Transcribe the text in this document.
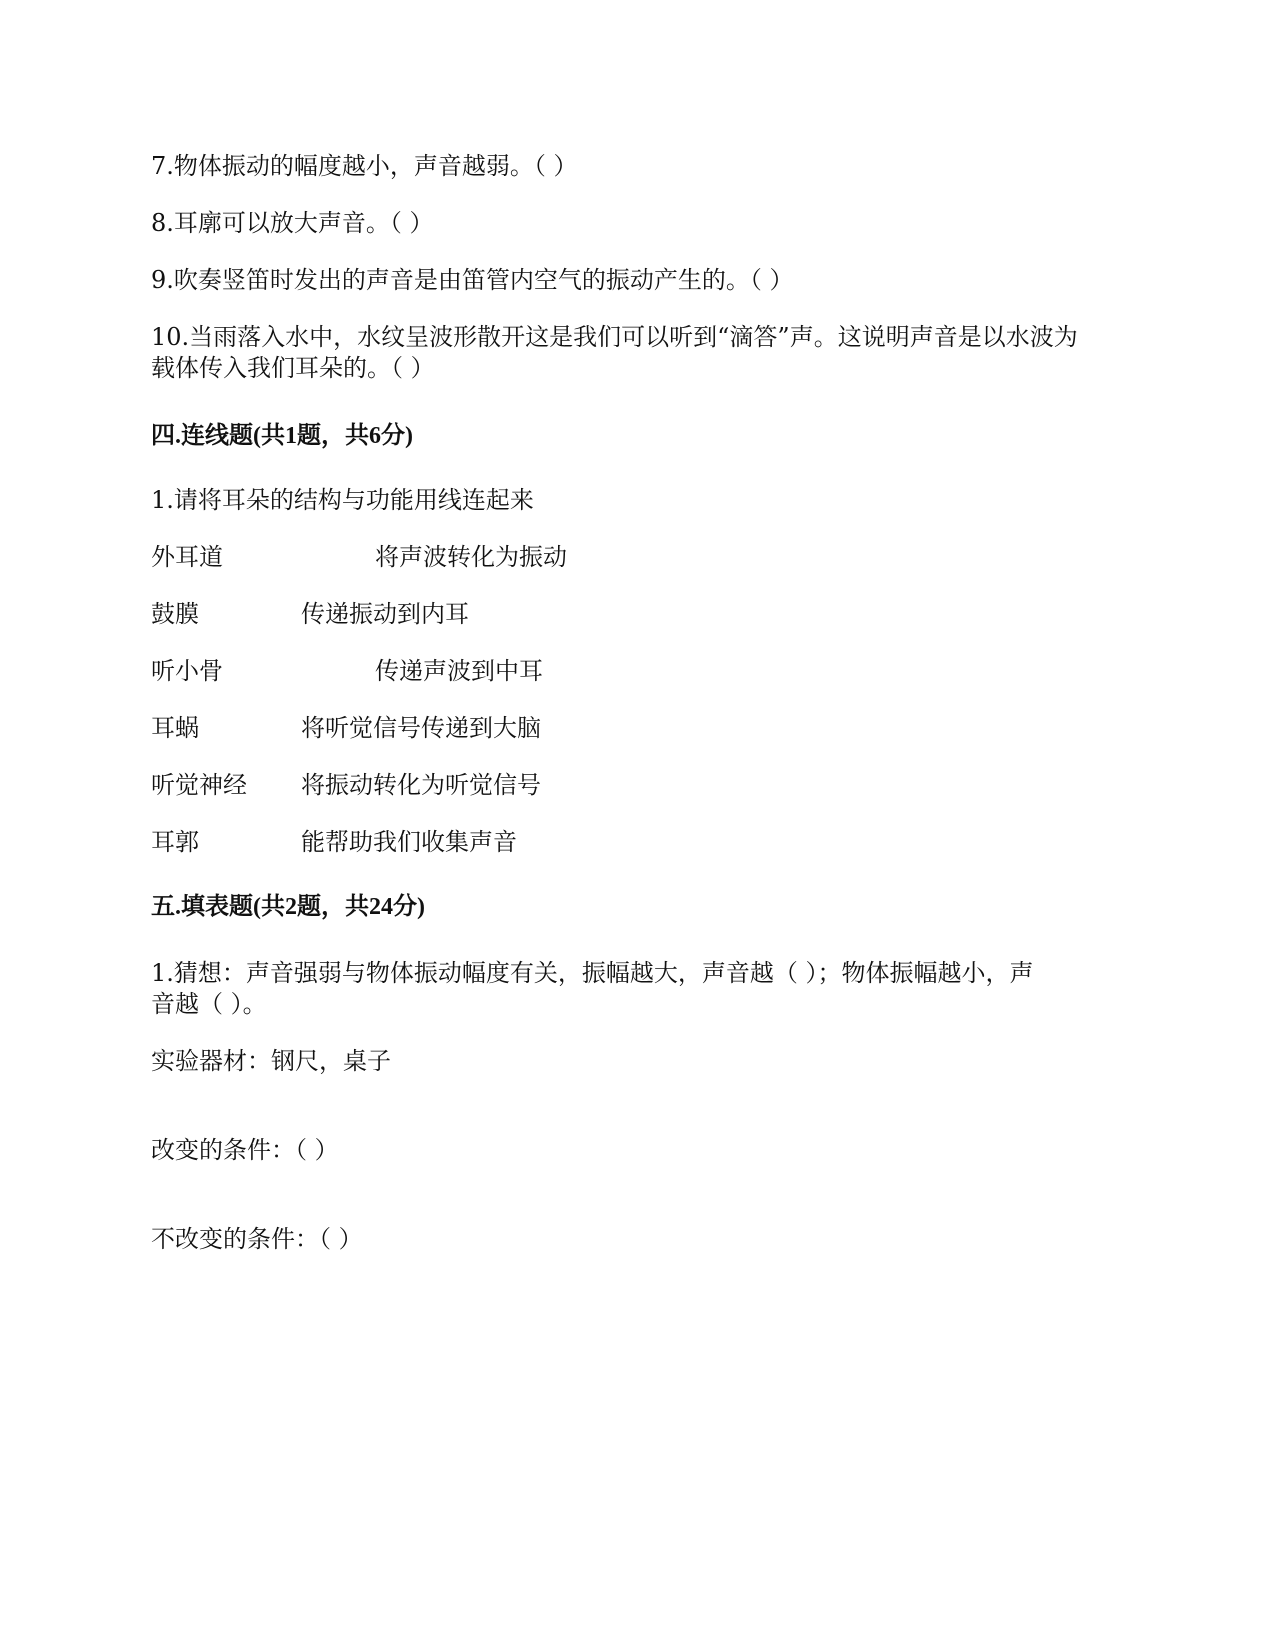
7.物体振动的幅度越小，声音越弱。（ ）
8.耳廓可以放大声音。（ ）
9.吹奏竖笛时发出的声音是由笛管内空气的振动产生的。（ ）
10.当雨落入水中，水纹呈波形散开这是我们可以听到“滴答”声。这说明声音是以水波为
载体传入我们耳朵的。（ ）
四.连线题(共1题，共6分)
1.请将耳朵的结构与功能用线连起来
外耳道	将声波转化为振动
鼓膜	传递振动到内耳
听小骨	传递声波到中耳
耳蜗	将听觉信号传递到大脑
听觉神经 将振动转化为听觉信号
耳郭	能帮助我们收集声音
五.填表题(共2题，共24分)
1.猜想：声音强弱与物体振动幅度有关，振幅越大，声音越（ ）；物体振幅越小，声
音越（ ）。
实验器材：钢尺，桌子
改变的条件：（ ）
不改变的条件：（ ）
